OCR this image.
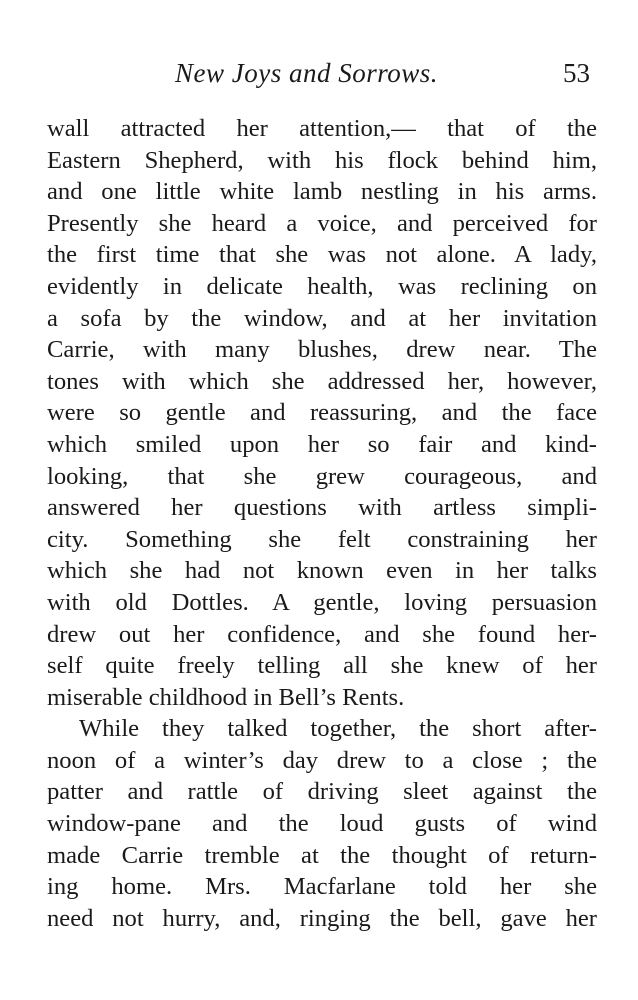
New Joys and Sorrows.	53
wall attracted her attention,— that of the
Eastern Shepherd, with his flock behind him,
and one little white lamb nestling in his arms.
Presently she heard a voice, and perceived for
the first time that she was not alone. A lady,
evidently in delicate health, was reclining on
a sofa by the window, and at her invitation
Carrie, with many blushes, drew near. The
tones with which she addressed her, however,
were so gentle and reassuring, and the face
which smiled upon her so fair and kind-
looking, that she grew courageous, and
answered her questions with artless simpli-
city. Something she felt constraining her
which she had not known even in her talks
with old Dottles. A gentle, loving persuasion
drew out her confidence, and she found her-
self quite freely telling all she knew of her
miserable childhood in Bell’s Rents.
While they talked together, the short after-
noon of a winter’s day drew to a close ; the
patter and rattle of driving sleet against the
window-pane and the loud gusts of wind
made Carrie tremble at the thought of return-
ing home. Mrs. Macfarlane told her she
need not hurry, and, ringing the bell, gave her
